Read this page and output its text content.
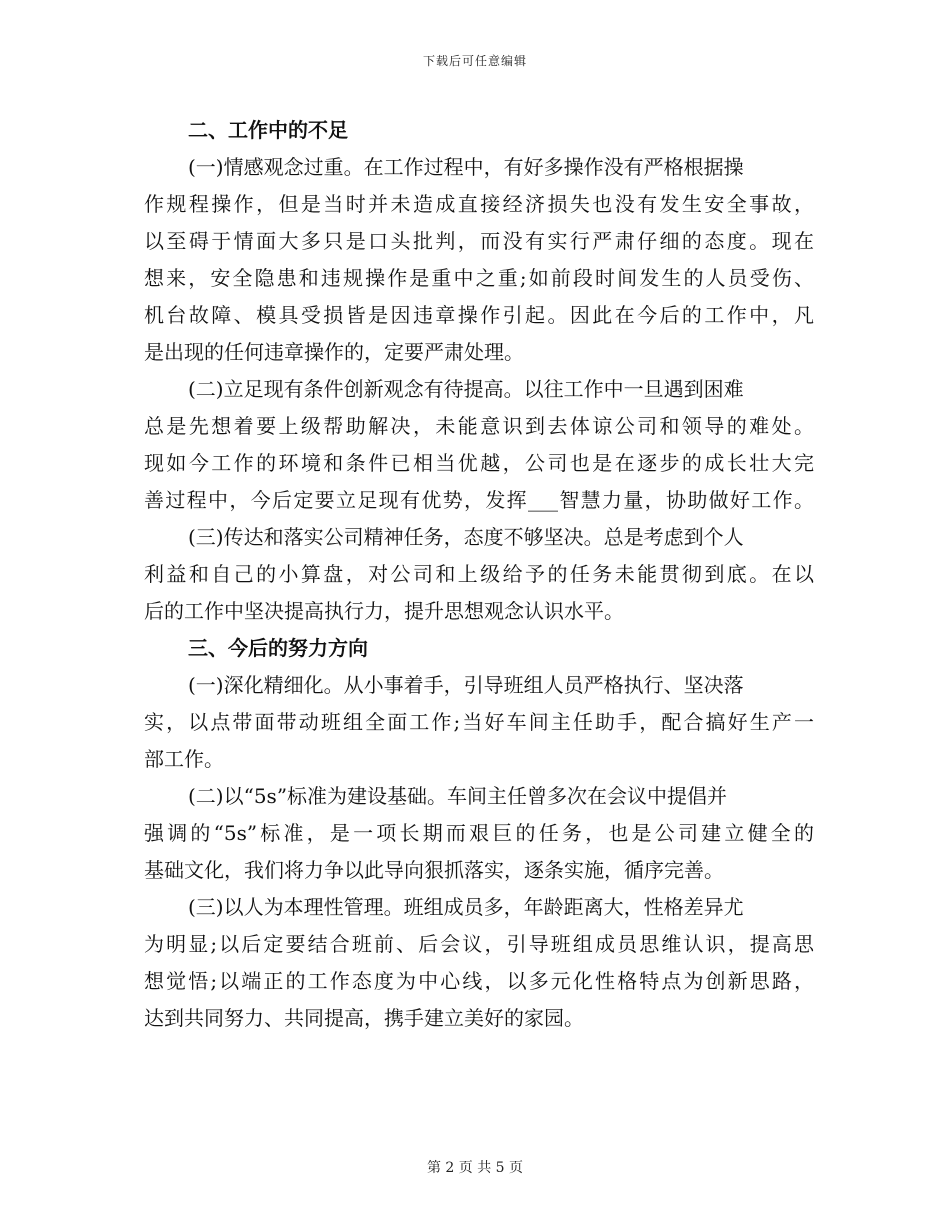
下载后可任意编辑
二、工作中的不足
(一)情感观念过重。在工作过程中，有好多操作没有严格根据操
作规程操作，但是当时并未造成直接经济损失也没有发生安全事故，
以至碍于情面大多只是口头批判，而没有实行严肃仔细的态度。现在
想来，安全隐患和违规操作是重中之重;如前段时间发生的人员受伤、
机台故障、模具受损皆是因违章操作引起。因此在今后的工作中，凡
是出现的任何违章操作的，定要严肃处理。
(二)立足现有条件创新观念有待提高。以往工作中一旦遇到困难
总是先想着要上级帮助解决，未能意识到去体谅公司和领导的难处。
现如今工作的环境和条件已相当优越，公司也是在逐步的成长壮大完
善过程中，今后定要立足现有优势，发挥___智慧力量，协助做好工作。
(三)传达和落实公司精神任务，态度不够坚决。总是考虑到个人
利益和自己的小算盘，对公司和上级给予的任务未能贯彻到底。在以
后的工作中坚决提高执行力，提升思想观念认识水平。
三、今后的努力方向
(一)深化精细化。从小事着手，引导班组人员严格执行、坚决落
实，以点带面带动班组全面工作;当好车间主任助手，配合搞好生产一
部工作。
(二)以“5s”标准为建设基础。车间主任曾多次在会议中提倡并
强调的“5s”标准，是一项长期而艰巨的任务，也是公司建立健全的
基础文化，我们将力争以此导向狠抓落实，逐条实施，循序完善。
(三)以人为本理性管理。班组成员多，年龄距离大，性格差异尤
为明显;以后定要结合班前、后会议，引导班组成员思维认识，提高思
想觉悟;以端正的工作态度为中心线，以多元化性格特点为创新思路，
达到共同努力、共同提高，携手建立美好的家园。
第 2 页 共 5 页
